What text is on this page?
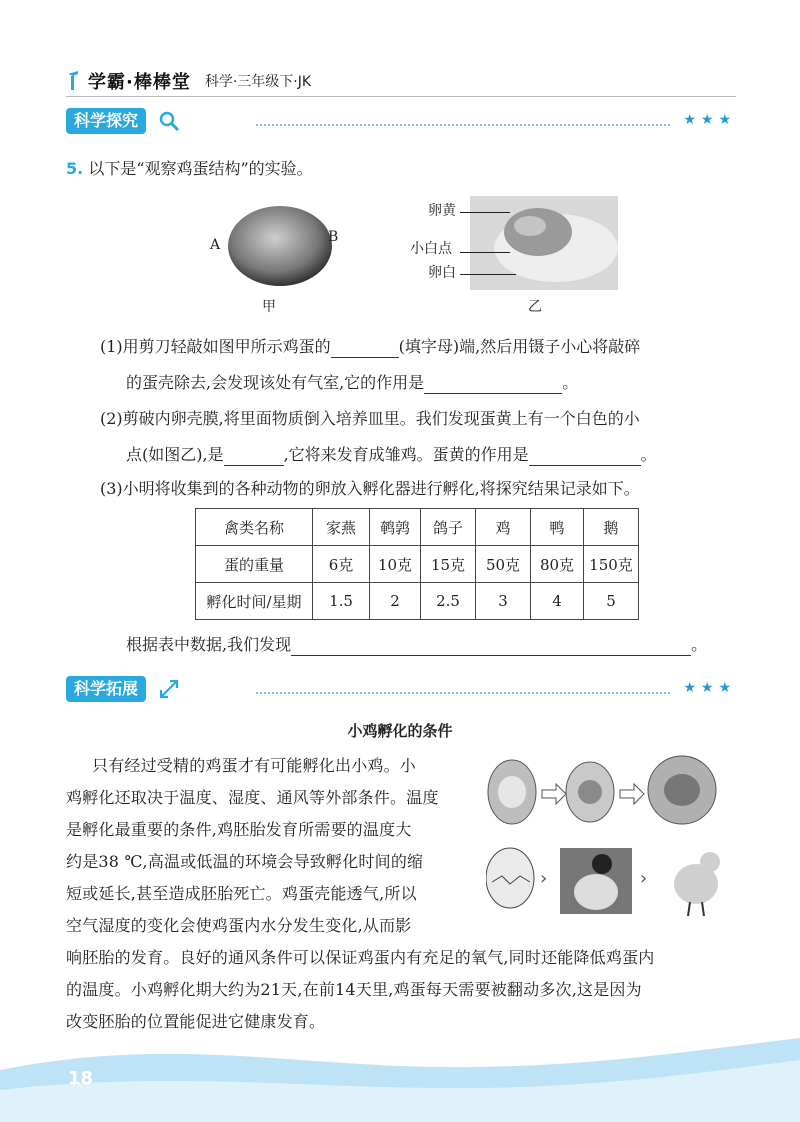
学霸·棒棒堂 科学·三年级下·JK
科学探究	★★★
5. 以下是“观察鸡蛋结构”的实验。
A	B
甲
卵黄
小白点
卵白
乙
(1)用剪刀轻敲如图甲所示鸡蛋的	(填字母)端,然后用镊子小心将敲碎
的蛋壳除去,会发现该处有气室,它的作用是	。
(2)剪破内卵壳膜,将里面物质倒入培养皿里。我们发现蛋黄上有一个白色的小
点(如图乙),是	,它将来发育成雏鸡。蛋黄的作用是	。
(3)小明将收集到的各种动物的卵放入孵化器进行孵化,将探究结果记录如下。
禽类名称	家燕	鹌鹑	鸽子	鸡	鸭	鹅
蛋的重量	6克	10克	15克	50克	80克	150克
孵化时间/星期	1.5	2	2.5	3	4	5
根据表中数据,我们发现	。
科学拓展	★★★
小鸡孵化的条件
只有经过受精的鸡蛋才有可能孵化出小鸡。小
鸡孵化还取决于温度、湿度、通风等外部条件。温度
是孵化最重要的条件,鸡胚胎发育所需要的温度大
约是38 ℃,高温或低温的环境会导致孵化时间的缩
短或延长,甚至造成胚胎死亡。鸡蛋壳能透气,所以
空气湿度的变化会使鸡蛋内水分发生变化,从而影
响胚胎的发育。良好的通风条件可以保证鸡蛋内有充足的氧气,同时还能降低鸡蛋内
的温度。小鸡孵化期大约为21天,在前14天里,鸡蛋每天需要被翻动多次,这是因为
改变胚胎的位置能促进它健康发育。
›	›
18
